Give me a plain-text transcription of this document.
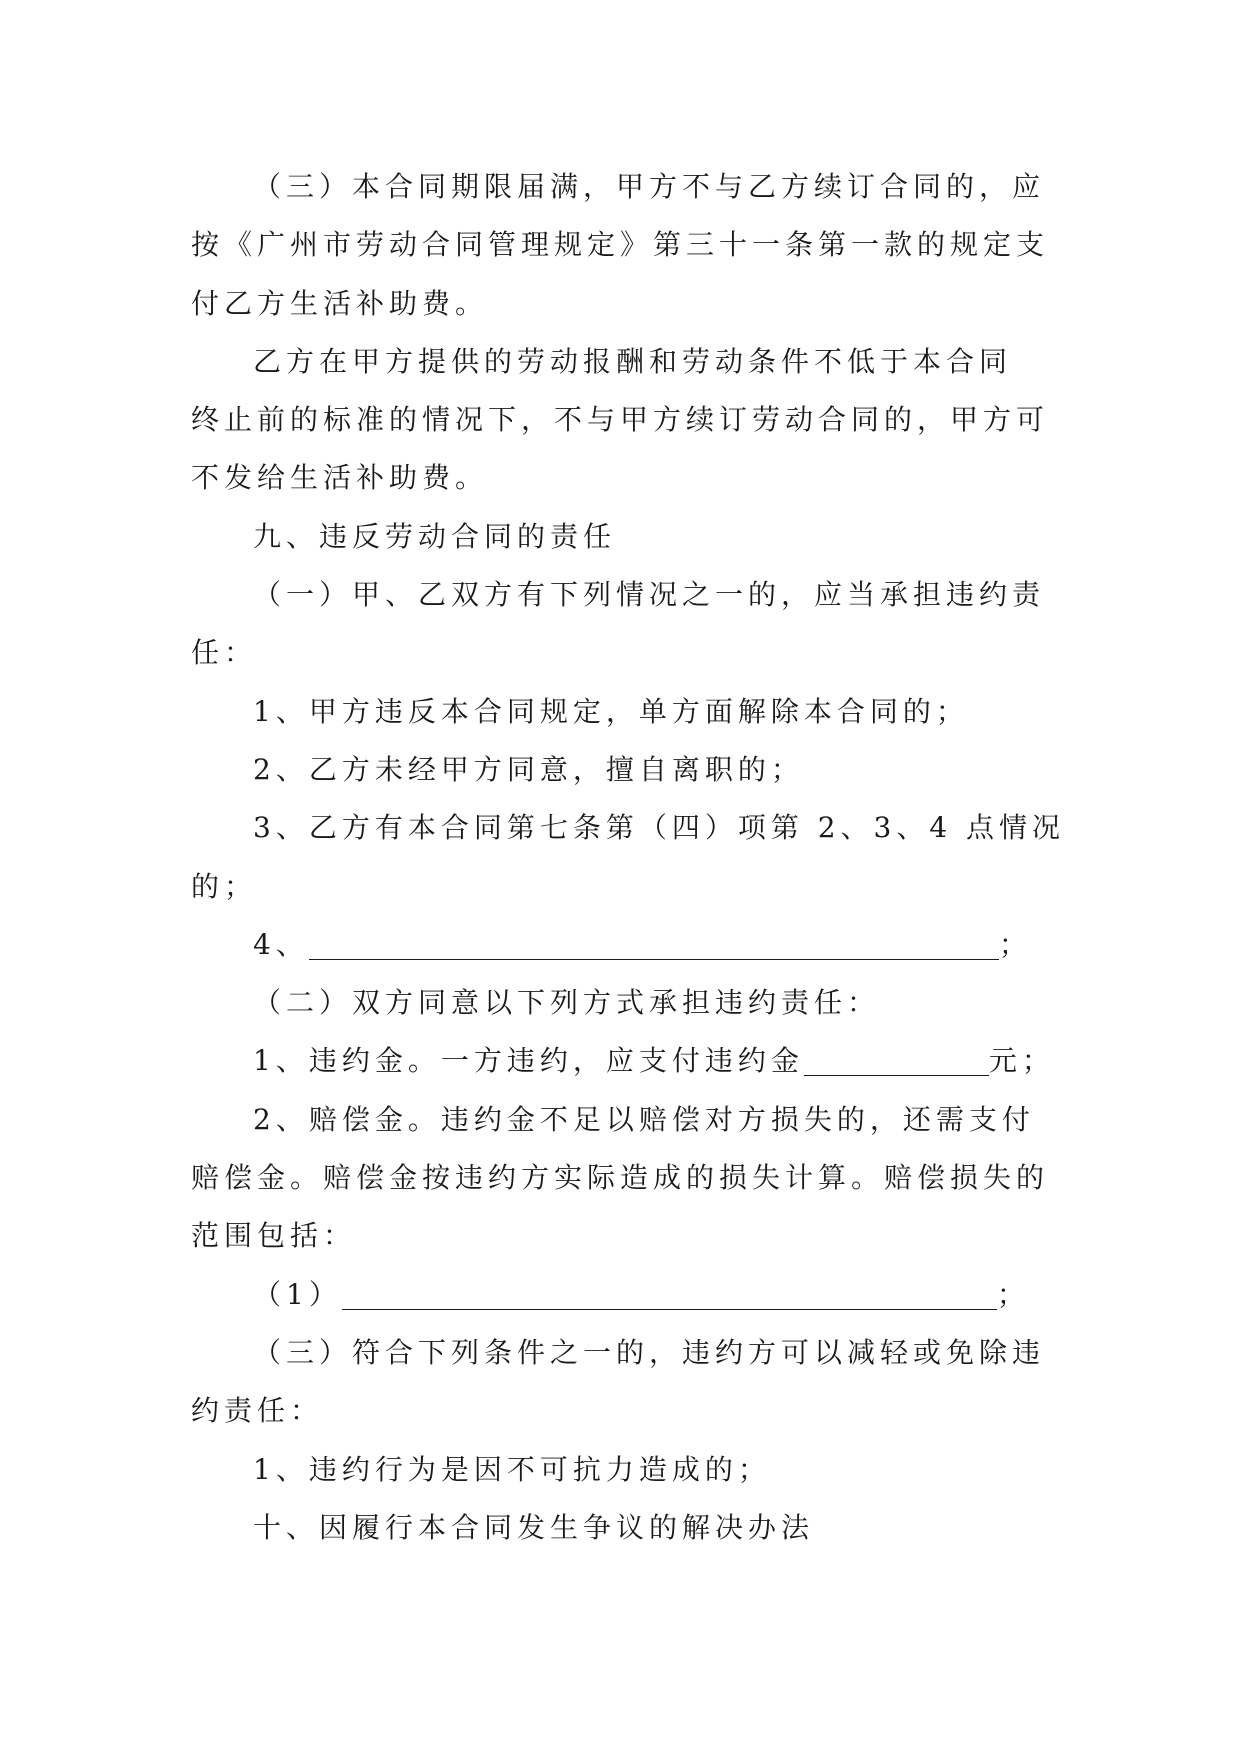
（三）本合同期限届满，甲方不与乙方续订合同的，应
按《广州市劳动合同管理规定》第三十一条第一款的规定支
付乙方生活补助费。

乙方在甲方提供的劳动报酬和劳动条件不低于本合同
终止前的标准的情况下，不与甲方续订劳动合同的，甲方可
不发给生活补助费。

九、违反劳动合同的责任

（一）甲、乙双方有下列情况之一的，应当承担违约责
任：

1、甲方违反本合同规定，单方面解除本合同的；

2、乙方未经甲方同意，擅自离职的；

3、乙方有本合同第七条第（四）项第 2、3、4 点情况
的；

4、	；

（二）双方同意以下列方式承担违约责任：

1、违约金。一方违约，应支付违约金	元；

2、赔偿金。违约金不足以赔偿对方损失的，还需支付
赔偿金。赔偿金按违约方实际造成的损失计算。赔偿损失的
范围包括：

（1）	；

（三）符合下列条件之一的，违约方可以减轻或免除违
约责任：

1、违约行为是因不可抗力造成的；

十、因履行本合同发生争议的解决办法
